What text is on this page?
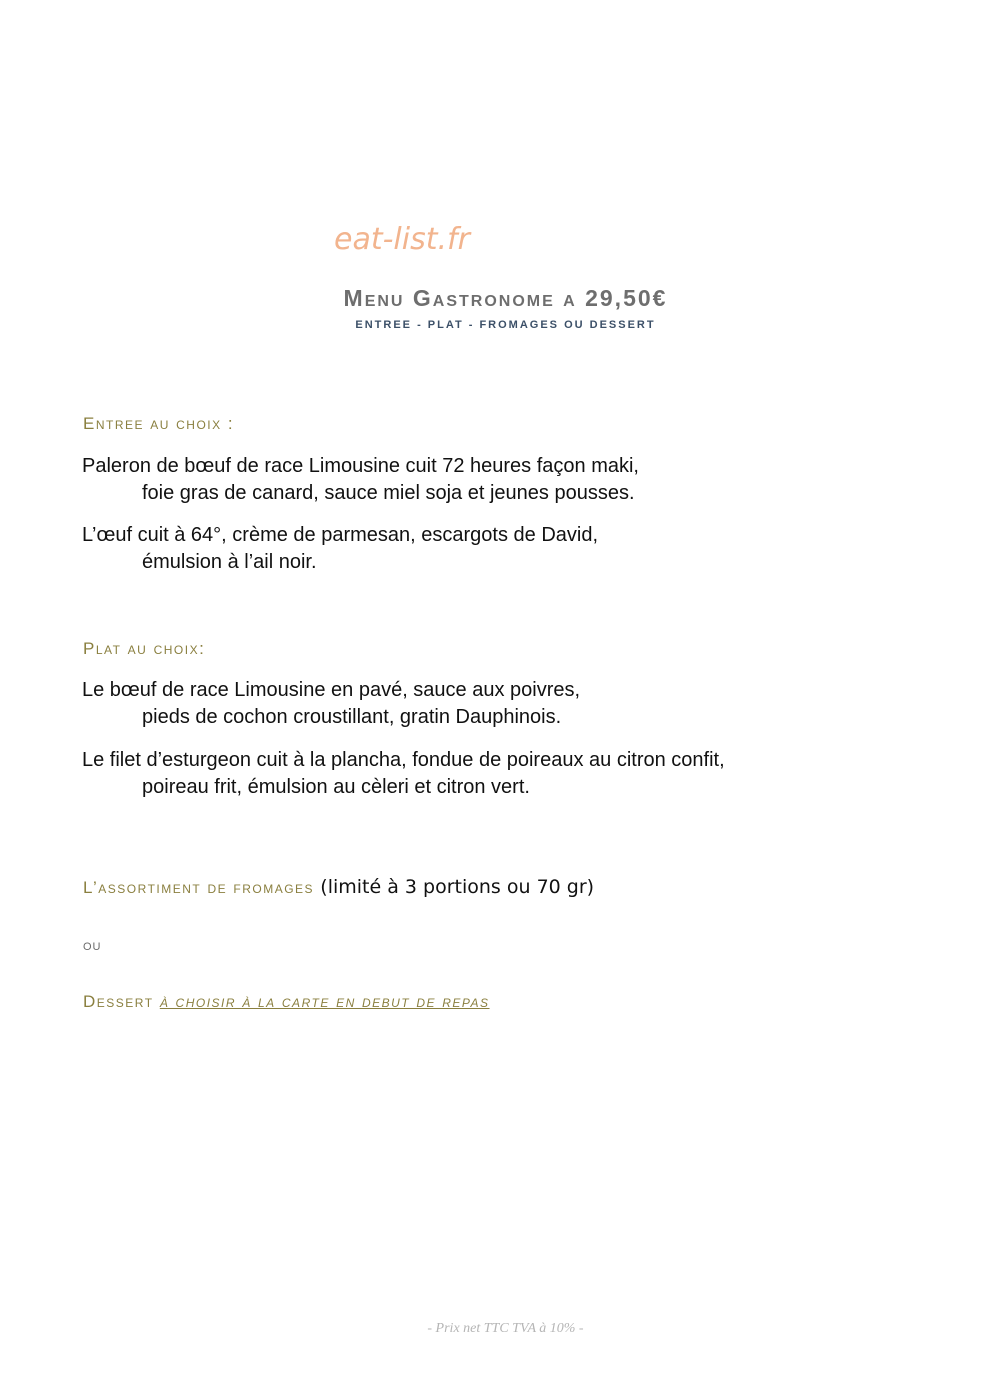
eat-list.fr
Menu Gastronome a 29,50€
ENTREE - PLAT - FROMAGES OU DESSERT
Entree au choix :
Paleron de bœuf de race Limousine cuit 72 heures façon maki,
foie gras de canard, sauce miel soja et jeunes pousses.
L’œuf cuit à 64°, crème de parmesan, escargots de David,
émulsion à l’ail noir.
Plat au choix:
Le bœuf de race Limousine en pavé, sauce aux poivres,
pieds de cochon croustillant, gratin Dauphinois.
Le filet d’esturgeon cuit à la plancha, fondue de poireaux au citron confit,
poireau frit, émulsion au cèleri et citron vert.
L’assortiment de fromages (limité à 3 portions ou 70 gr)
ou
Dessert à choisir à la carte en debut de repas
- Prix net TTC TVA à 10% -
